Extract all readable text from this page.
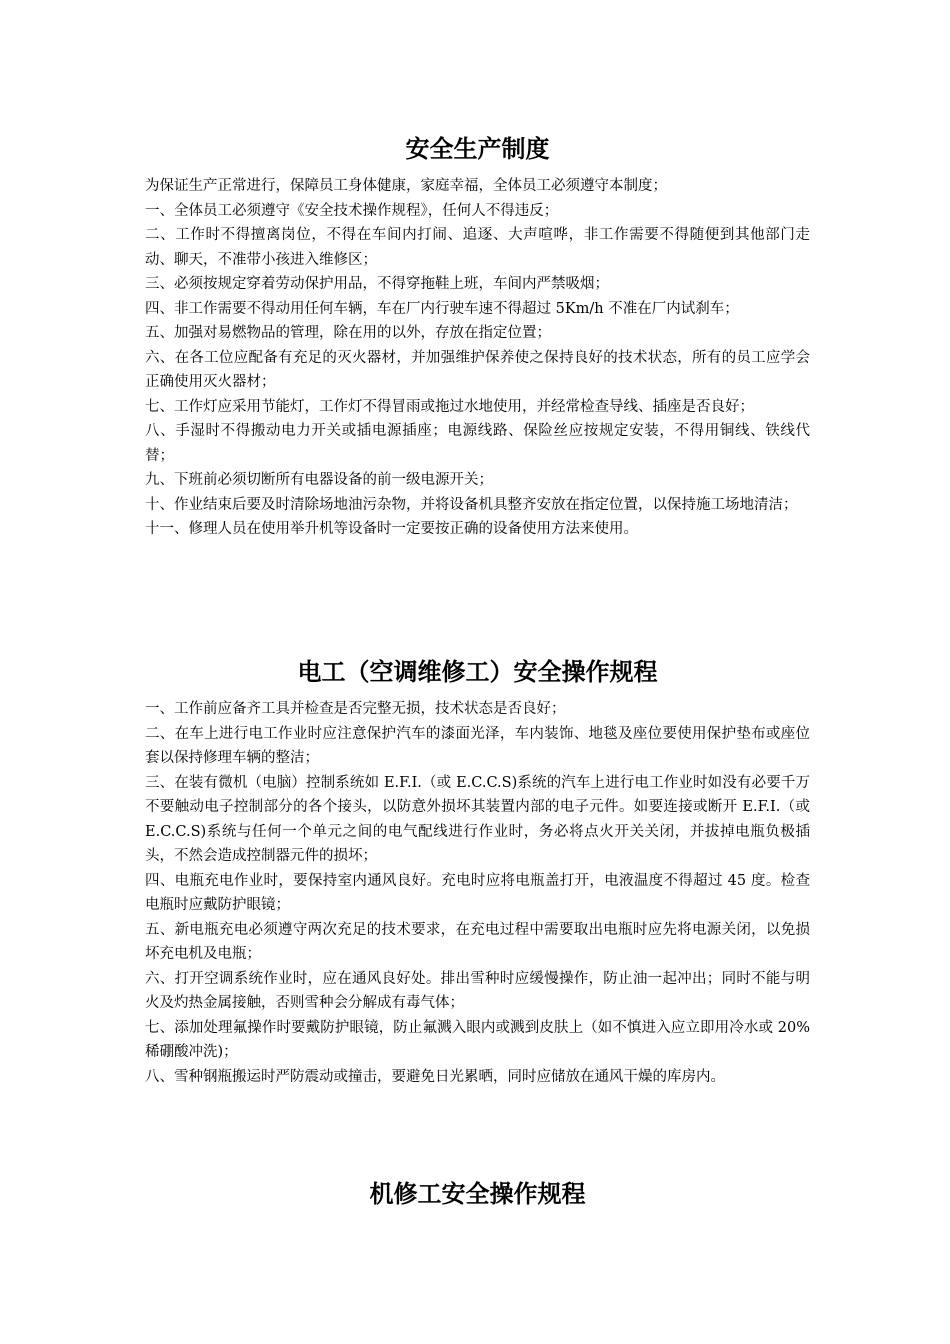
安全生产制度

为保证生产正常进行，保障员工身体健康，家庭幸福，全体员工必须遵守本制度；

一、全体员工必须遵守《安全技术操作规程》，任何人不得违反；

二、工作时不得擅离岗位，不得在车间内打闹、追逐、大声喧哗，非工作需要不得随便到其他部门走动、聊天，不准带小孩进入维修区；

三、必须按规定穿着劳动保护用品，不得穿拖鞋上班，车间内严禁吸烟；

四、非工作需要不得动用任何车辆，车在厂内行驶车速不得超过 5Km/h 不准在厂内试刹车；

五、加强对易燃物品的管理，除在用的以外，存放在指定位置；

六、在各工位应配备有充足的灭火器材，并加强维护保养使之保持良好的技术状态，所有的员工应学会正确使用灭火器材；

七、工作灯应采用节能灯，工作灯不得冒雨或拖过水地使用，并经常检查导线、插座是否良好；

八、手湿时不得搬动电力开关或插电源插座；电源线路、保险丝应按规定安装，不得用铜线、铁线代替；

九、下班前必须切断所有电器设备的前一级电源开关；

十、作业结束后要及时清除场地油污杂物，并将设备机具整齐安放在指定位置，以保持施工场地清洁；

十一、修理人员在使用举升机等设备时一定要按正确的设备使用方法来使用。

电工（空调维修工）安全操作规程

一、工作前应备齐工具并检查是否完整无损，技术状态是否良好；

二、在车上进行电工作业时应注意保护汽车的漆面光泽，车内装饰、地毯及座位要使用保护垫布或座位套以保持修理车辆的整洁；

三、在装有微机（电脑）控制系统如 E.F.I.（或 E.C.C.S)系统的汽车上进行电工作业时如没有必要千万不要触动电子控制部分的各个接头，以防意外损坏其装置内部的电子元件。如要连接或断开 E.F.I.（或 E.C.C.S)系统与任何一个单元之间的电气配线进行作业时，务必将点火开关关闭，并拔掉电瓶负极插头，不然会造成控制器元件的损坏；

四、电瓶充电作业时，要保持室内通风良好。充电时应将电瓶盖打开，电液温度不得超过 45 度。检查电瓶时应戴防护眼镜；

五、新电瓶充电必须遵守两次充足的技术要求，在充电过程中需要取出电瓶时应先将电源关闭，以免损坏充电机及电瓶；

六、打开空调系统作业时，应在通风良好处。排出雪种时应缓慢操作，防止油一起冲出；同时不能与明火及灼热金属接触，否则雪种会分解成有毒气体；

七、添加处理氟操作时要戴防护眼镜，防止氟溅入眼内或溅到皮肤上（如不慎进入应立即用冷水或 20%稀硼酸冲洗)；

八、雪种钢瓶搬运时严防震动或撞击，要避免日光累晒，同时应储放在通风干燥的库房内。

机修工安全操作规程
